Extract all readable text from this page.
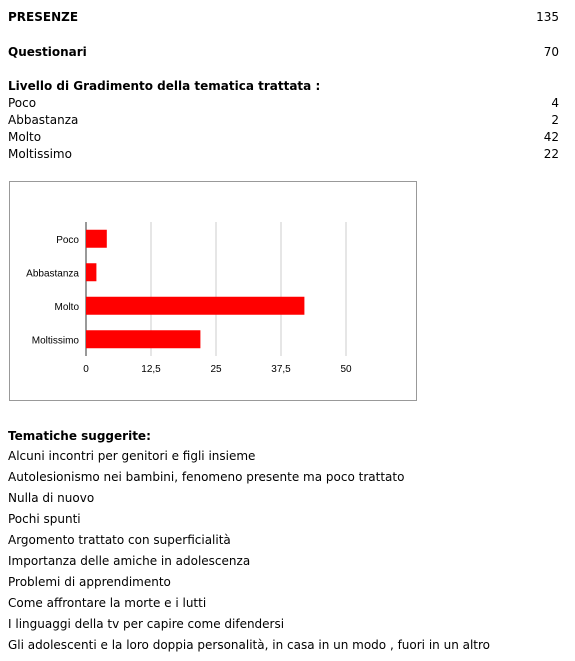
PRESENZE	135
Questionari	70
Livello di Gradimento della tematica trattata :
Poco	4
Abbastanza	2
Molto	42
Moltissimo	22
0	12,5	25	37,5	50
Poco
Abbastanza
Molto
Moltissimo
Tematiche suggerite:
Alcuni incontri per genitori e figli insieme
Autolesionismo nei bambini, fenomeno presente ma poco trattato
Nulla di nuovo
Pochi spunti
Argomento trattato con superficialità
Importanza delle amiche in adolescenza
Problemi di apprendimento
Come affrontare la morte e i lutti
I linguaggi della tv per capire come difendersi
Gli adolescenti e la loro doppia personalità, in casa in un modo , fuori in un altro
